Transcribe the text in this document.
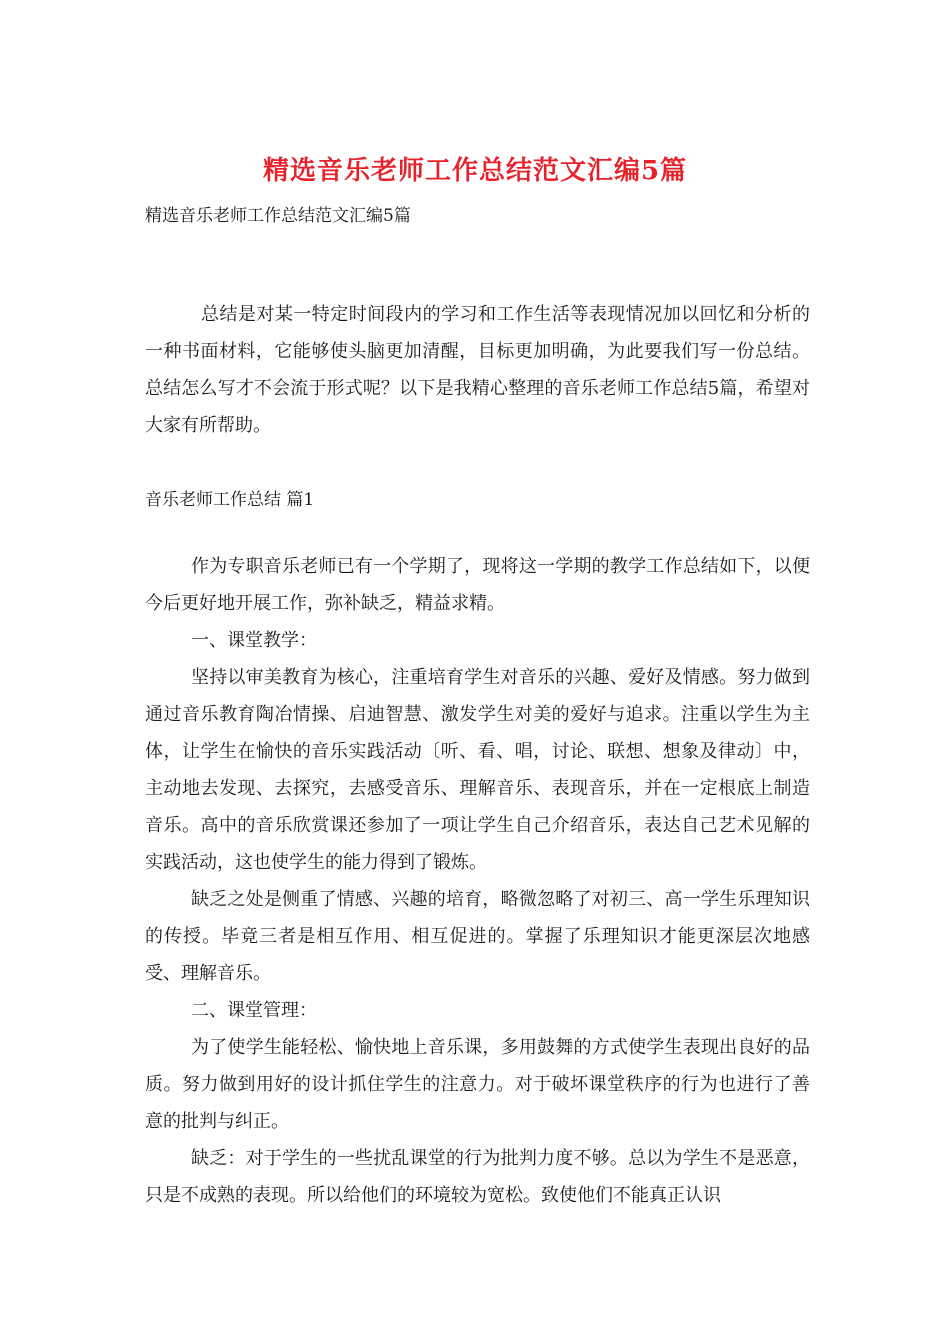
精选音乐老师工作总结范文汇编5篇
精选音乐老师工作总结范文汇编5篇

总结是对某一特定时间段内的学习和工作生活等表现情况加以回忆和分析的一种书面材料，它能够使头脑更加清醒，目标更加明确，为此要我们写一份总结。总结怎么写才不会流于形式呢？以下是我精心整理的音乐老师工作总结5篇，希望对大家有所帮助。

音乐老师工作总结 篇1

作为专职音乐老师已有一个学期了，现将这一学期的教学工作总结如下，以便今后更好地开展工作，弥补缺乏，精益求精。

一、课堂教学：

坚持以审美教育为核心，注重培育学生对音乐的兴趣、爱好及情感。努力做到通过音乐教育陶冶情操、启迪智慧、激发学生对美的爱好与追求。注重以学生为主体，让学生在愉快的音乐实践活动〔听、看、唱，讨论、联想、想象及律动〕中，主动地去发现、去探究，去感受音乐、理解音乐、表现音乐，并在一定根底上制造音乐。高中的音乐欣赏课还参加了一项让学生自己介绍音乐，表达自己艺术见解的实践活动，这也使学生的能力得到了锻炼。

缺乏之处是侧重了情感、兴趣的培育，略微忽略了对初三、高一学生乐理知识的传授。毕竟三者是相互作用、相互促进的。掌握了乐理知识才能更深层次地感受、理解音乐。

二、课堂管理：

为了使学生能轻松、愉快地上音乐课，多用鼓舞的方式使学生表现出良好的品质。努力做到用好的设计抓住学生的注意力。对于破坏课堂秩序的行为也进行了善意的批判与纠正。

缺乏：对于学生的一些扰乱课堂的行为批判力度不够。总以为学生不是恶意，只是不成熟的表现。所以给他们的环境较为宽松。致使他们不能真正认识
